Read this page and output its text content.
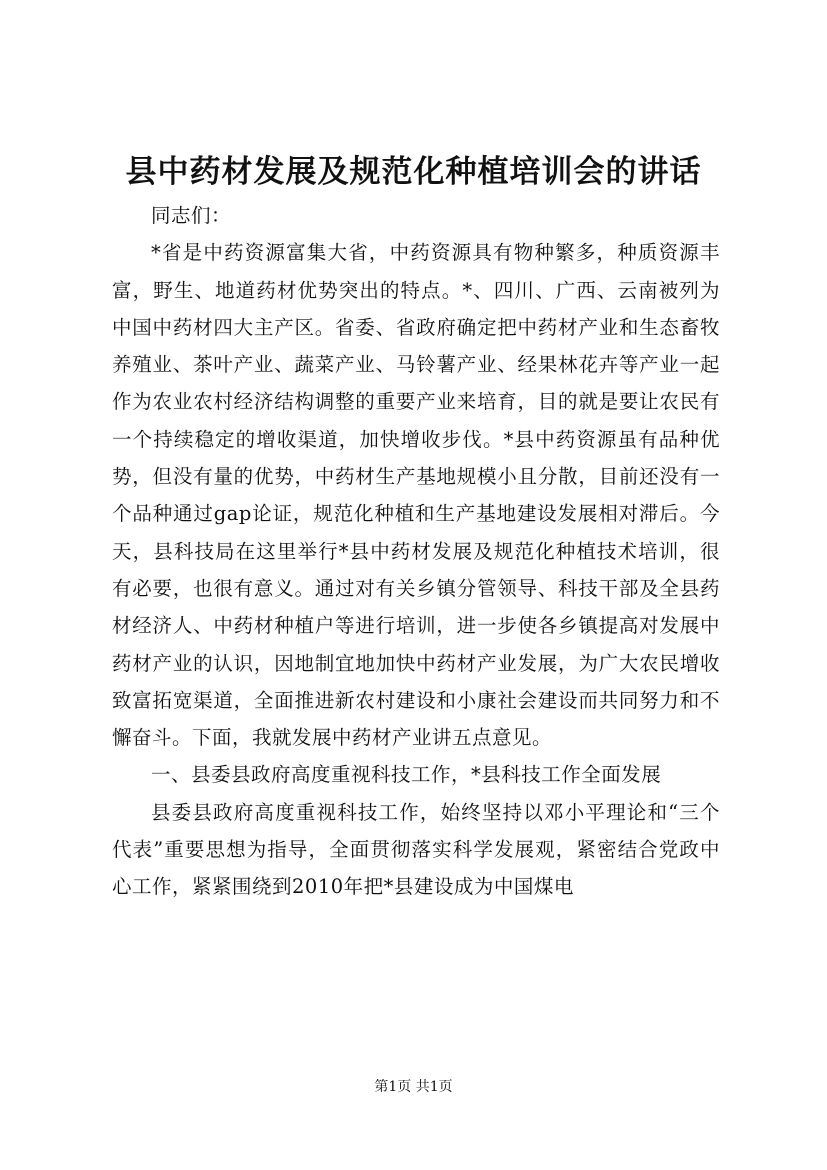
县中药材发展及规范化种植培训会的讲话

同志们：

*省是中药资源富集大省，中药资源具有物种繁多，种质资源丰富，野生、地道药材优势突出的特点。*、四川、广西、云南被列为中国中药材四大主产区。省委、省政府确定把中药材产业和生态畜牧养殖业、茶叶产业、蔬菜产业、马铃薯产业、经果林花卉等产业一起作为农业农村经济结构调整的重要产业来培育，目的就是要让农民有一个持续稳定的增收渠道，加快增收步伐。*县中药资源虽有品种优势，但没有量的优势，中药材生产基地规模小且分散，目前还没有一个品种通过gap论证，规范化种植和生产基地建设发展相对滞后。今天，县科技局在这里举行*县中药材发展及规范化种植技术培训，很有必要，也很有意义。通过对有关乡镇分管领导、科技干部及全县药材经济人、中药材种植户等进行培训，进一步使各乡镇提高对发展中药材产业的认识，因地制宜地加快中药材产业发展，为广大农民增收致富拓宽渠道，全面推进新农村建设和小康社会建设而共同努力和不懈奋斗。下面，我就发展中药材产业讲五点意见。

一、县委县政府高度重视科技工作，*县科技工作全面发展

县委县政府高度重视科技工作，始终坚持以邓小平理论和“三个代表”重要思想为指导，全面贯彻落实科学发展观，紧密结合党政中心工作，紧紧围绕到2010年把*县建设成为中国煤电

第1页 共1页
